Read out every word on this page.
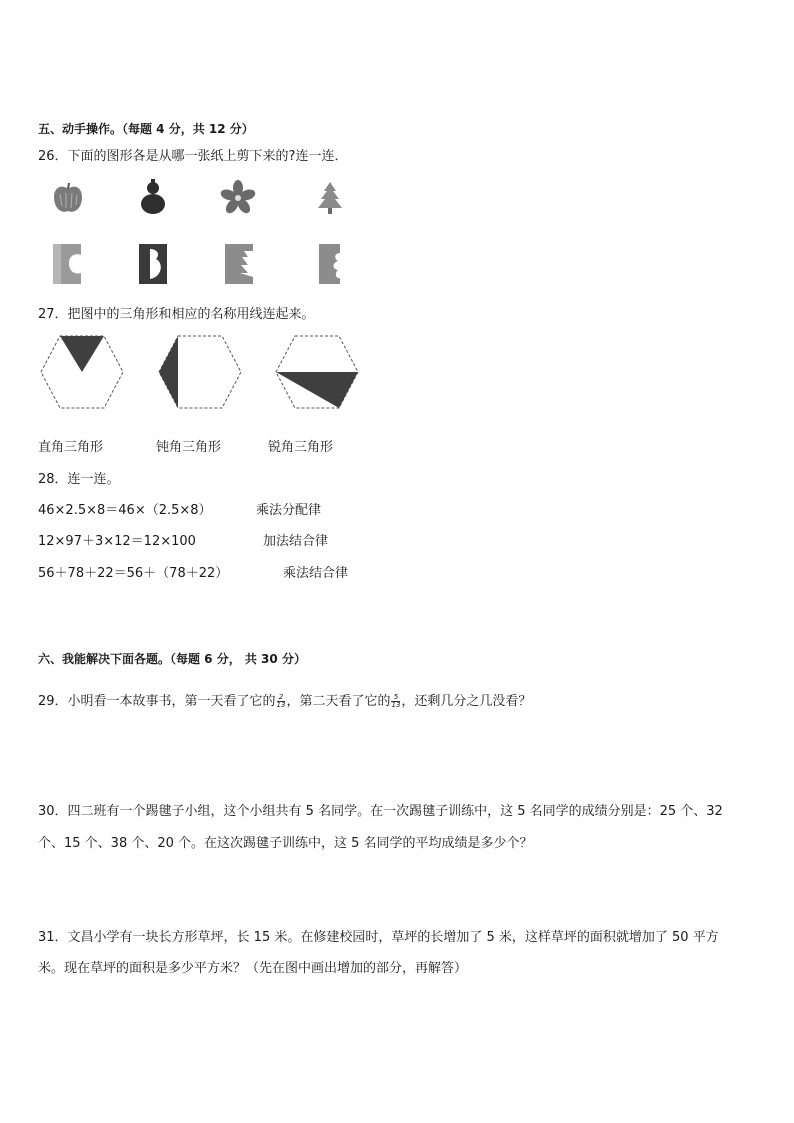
五、动手操作。（每题 4 分，共 12 分）
26．下面的图形各是从哪一张纸上剪下来的?连一连．
27．把图中的三角形和相应的名称用线连起来。
直角三角形	钝角三角形	锐角三角形
28．连一连。
46×2.5×8＝46×（2.5×8）	乘法分配律
12×97＋3×12＝12×100	加法结合律
56＋78＋22＝56＋（78＋22）	乘法结合律
六、我能解决下面各题。（每题 6 分， 共 30 分）
29．小明看一本故事书，第一天看了它的 $\frac{2}{13}$ ，第二天看了它的 $\frac{5}{13}$ ，还剩几分之几没看？
30．四二班有一个踢毽子小组，这个小组共有 5 名同学。在一次踢毽子训练中，这 5 名同学的成绩分别是：25 个、32
个、15 个、38 个、20 个。在这次踢毽子训练中，这 5 名同学的平均成绩是多少个？
31．文昌小学有一块长方形草坪，长 15 米。在修建校园时，草坪的长增加了 5 米，这样草坪的面积就增加了 50 平方
米。现在草坪的面积是多少平方米？（先在图中画出增加的部分，再解答）
